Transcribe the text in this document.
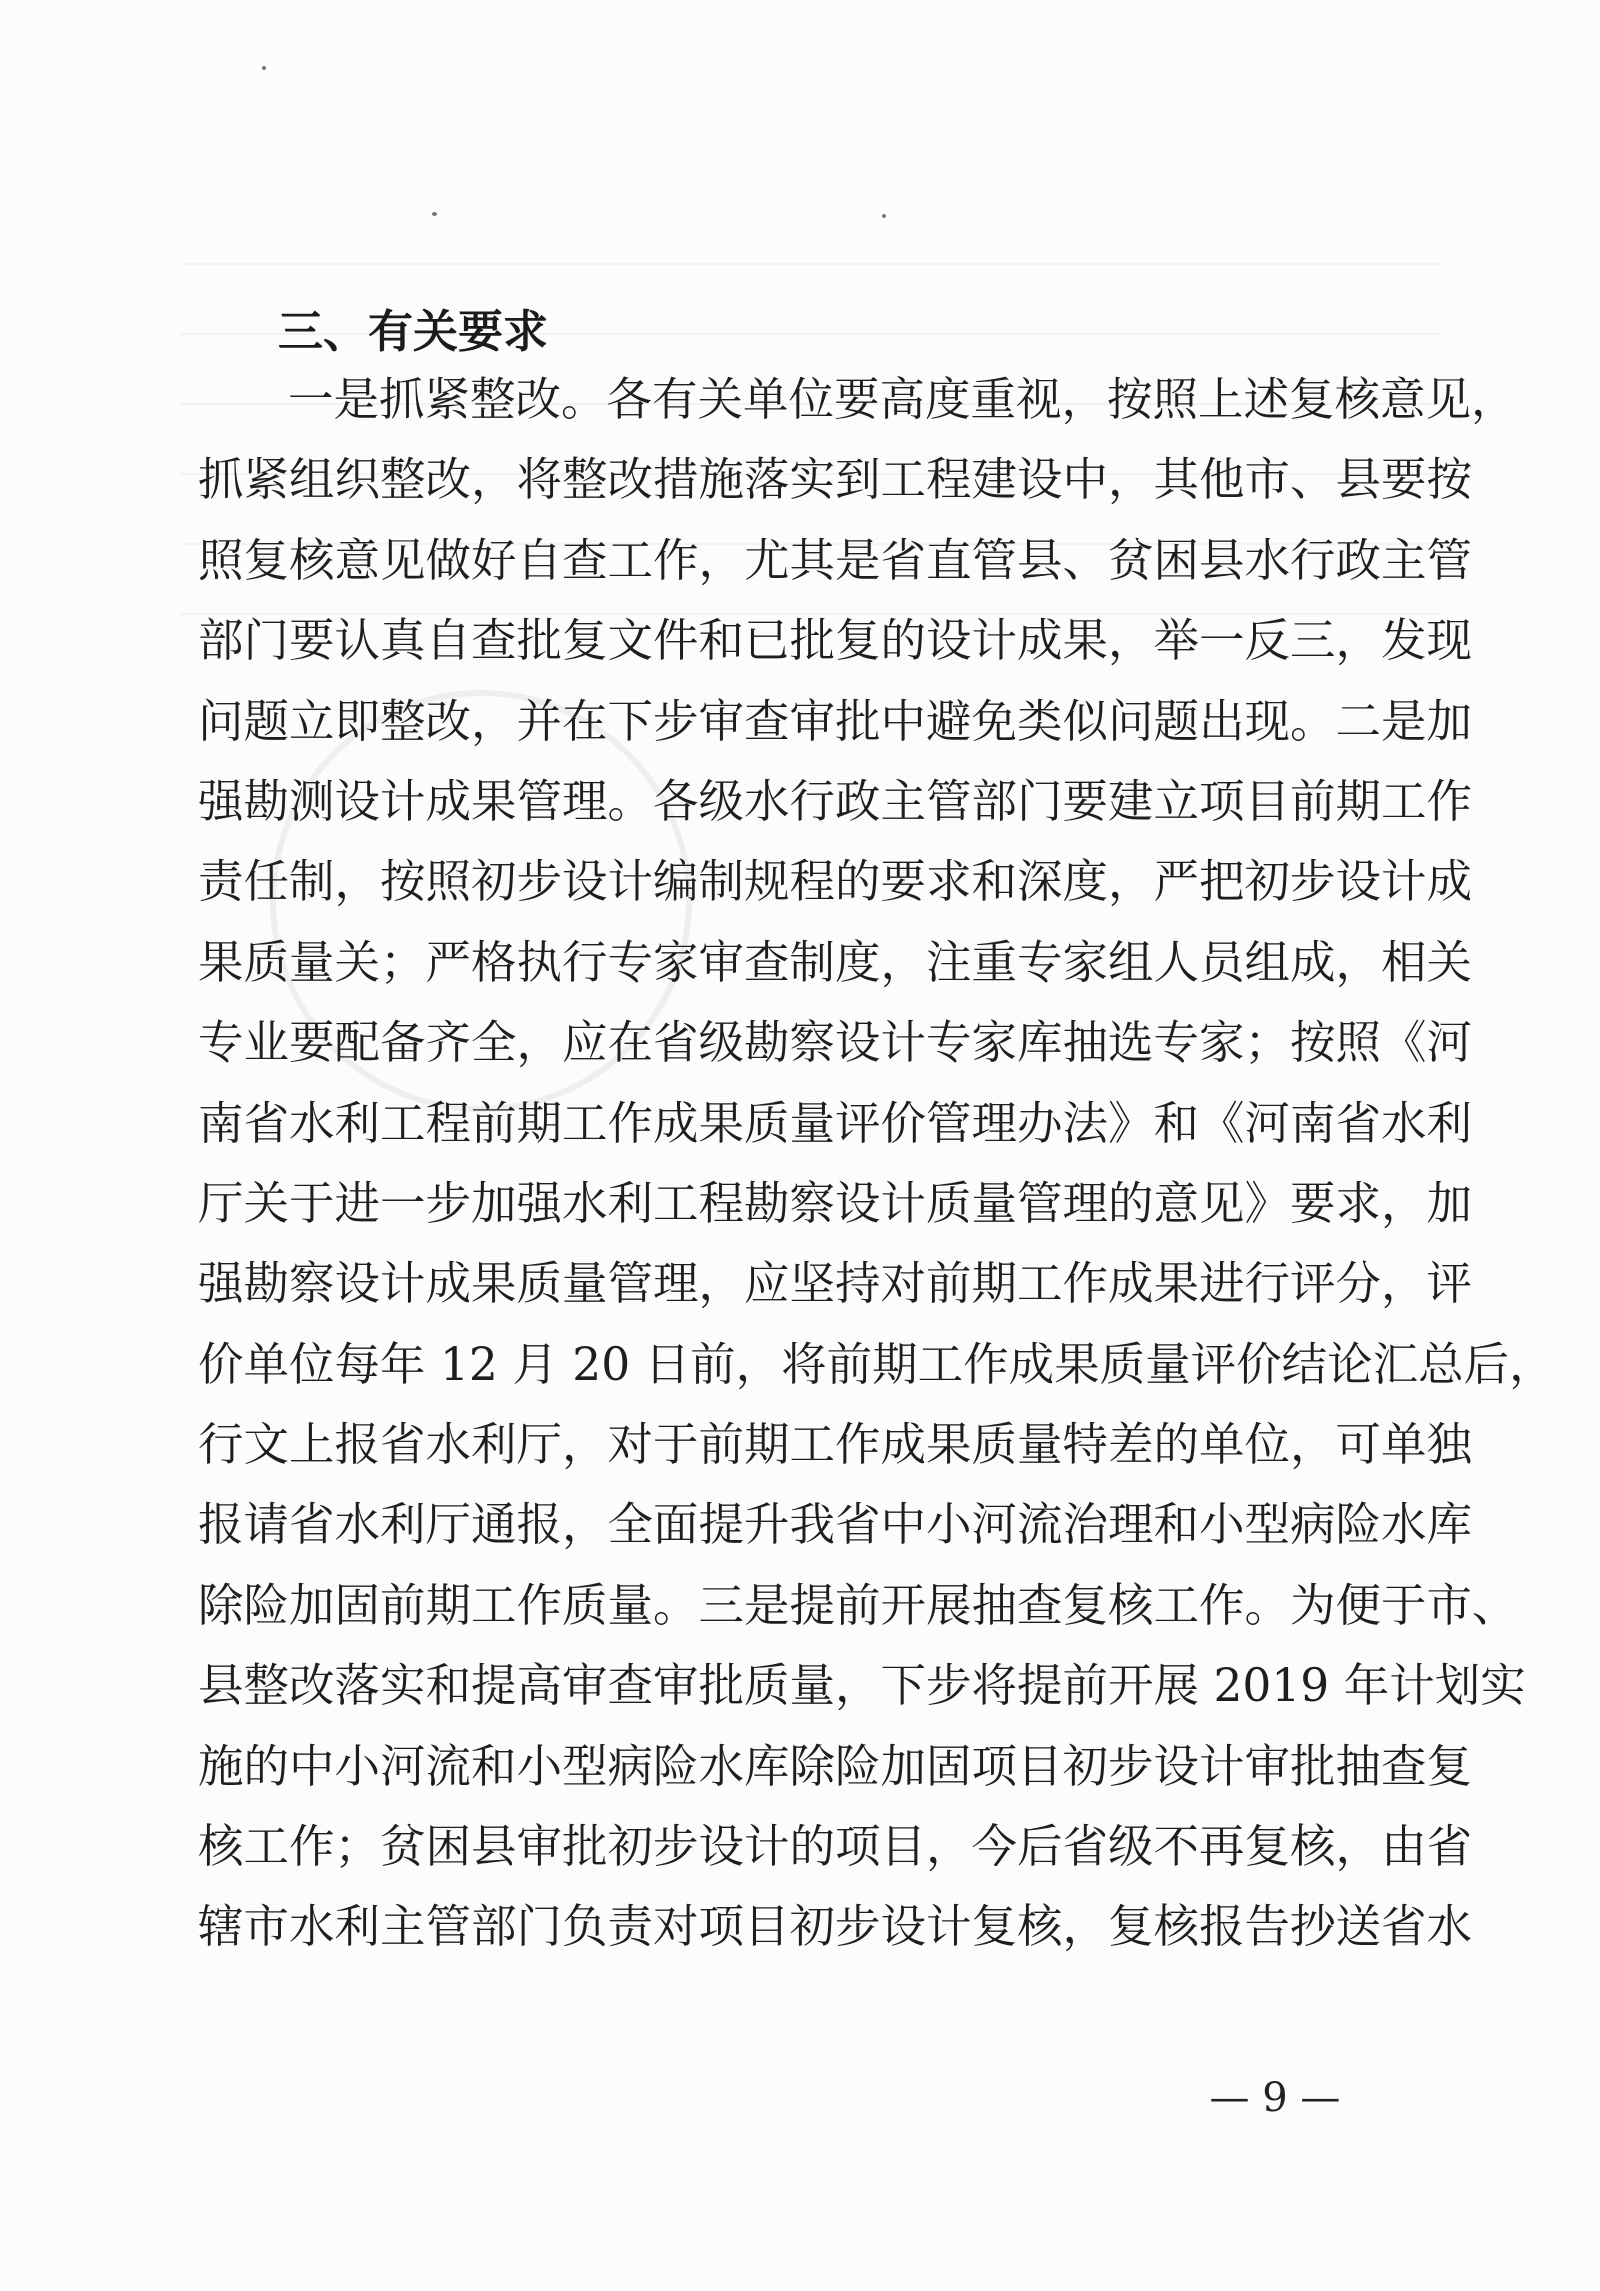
三、有关要求
一是抓紧整改。各有关单位要高度重视，按照上述复核意见，
抓紧组织整改，将整改措施落实到工程建设中，其他市、县要按
照复核意见做好自查工作，尤其是省直管县、贫困县水行政主管
部门要认真自查批复文件和已批复的设计成果，举一反三，发现
问题立即整改，并在下步审查审批中避免类似问题出现。二是加
强勘测设计成果管理。各级水行政主管部门要建立项目前期工作
责任制，按照初步设计编制规程的要求和深度，严把初步设计成
果质量关；严格执行专家审查制度，注重专家组人员组成，相关
专业要配备齐全，应在省级勘察设计专家库抽选专家；按照《河
南省水利工程前期工作成果质量评价管理办法》和《河南省水利
厅关于进一步加强水利工程勘察设计质量管理的意见》要求，加
强勘察设计成果质量管理，应坚持对前期工作成果进行评分，评
价单位每年 12 月 20 日前，将前期工作成果质量评价结论汇总后，
行文上报省水利厅，对于前期工作成果质量特差的单位，可单独
报请省水利厅通报，全面提升我省中小河流治理和小型病险水库
除险加固前期工作质量。三是提前开展抽查复核工作。为便于市、
县整改落实和提高审查审批质量，下步将提前开展 2019 年计划实
施的中小河流和小型病险水库除险加固项目初步设计审批抽查复
核工作；贫困县审批初步设计的项目，今后省级不再复核，由省
辖市水利主管部门负责对项目初步设计复核，复核报告抄送省水
— 9 —
